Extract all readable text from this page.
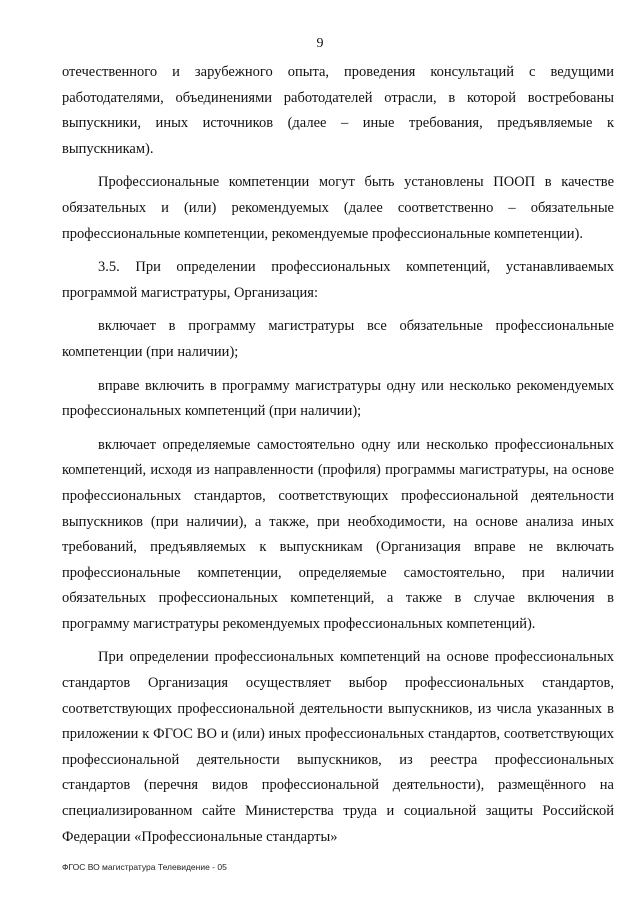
9

отечественного и зарубежного опыта, проведения консультаций с ведущими работодателями, объединениями работодателей отрасли, в которой востребованы выпускники, иных источников (далее – иные требования, предъявляемые к выпускникам).

Профессиональные компетенции могут быть установлены ПООП в качестве обязательных и (или) рекомендуемых (далее соответственно – обязательные профессиональные компетенции, рекомендуемые профессиональные компетенции).

3.5. При определении профессиональных компетенций, устанавливаемых программой магистратуры, Организация:

включает в программу магистратуры все обязательные профессиональные компетенции (при наличии);

вправе включить в программу магистратуры одну или несколько рекомендуемых профессиональных компетенций (при наличии);

включает определяемые самостоятельно одну или несколько профессиональных компетенций, исходя из направленности (профиля) программы магистратуры, на основе профессиональных стандартов, соответствующих профессиональной деятельности выпускников (при наличии), а также, при необходимости, на основе анализа иных требований, предъявляемых к выпускникам (Организация вправе не включать профессиональные компетенции, определяемые самостоятельно, при наличии обязательных профессиональных компетенций, а также в случае включения в программу магистратуры рекомендуемых профессиональных компетенций).

При определении профессиональных компетенций на основе профессиональных стандартов Организация осуществляет выбор профессиональных стандартов, соответствующих профессиональной деятельности выпускников, из числа указанных в приложении к ФГОС ВО и (или) иных профессиональных стандартов, соответствующих профессиональной деятельности выпускников, из реестра профессиональных стандартов (перечня видов профессиональной деятельности), размещённого на специализированном сайте Министерства труда и социальной защиты Российской Федерации «Профессиональные стандарты»

ФГОС ВО магистратура Телевидение - 05
